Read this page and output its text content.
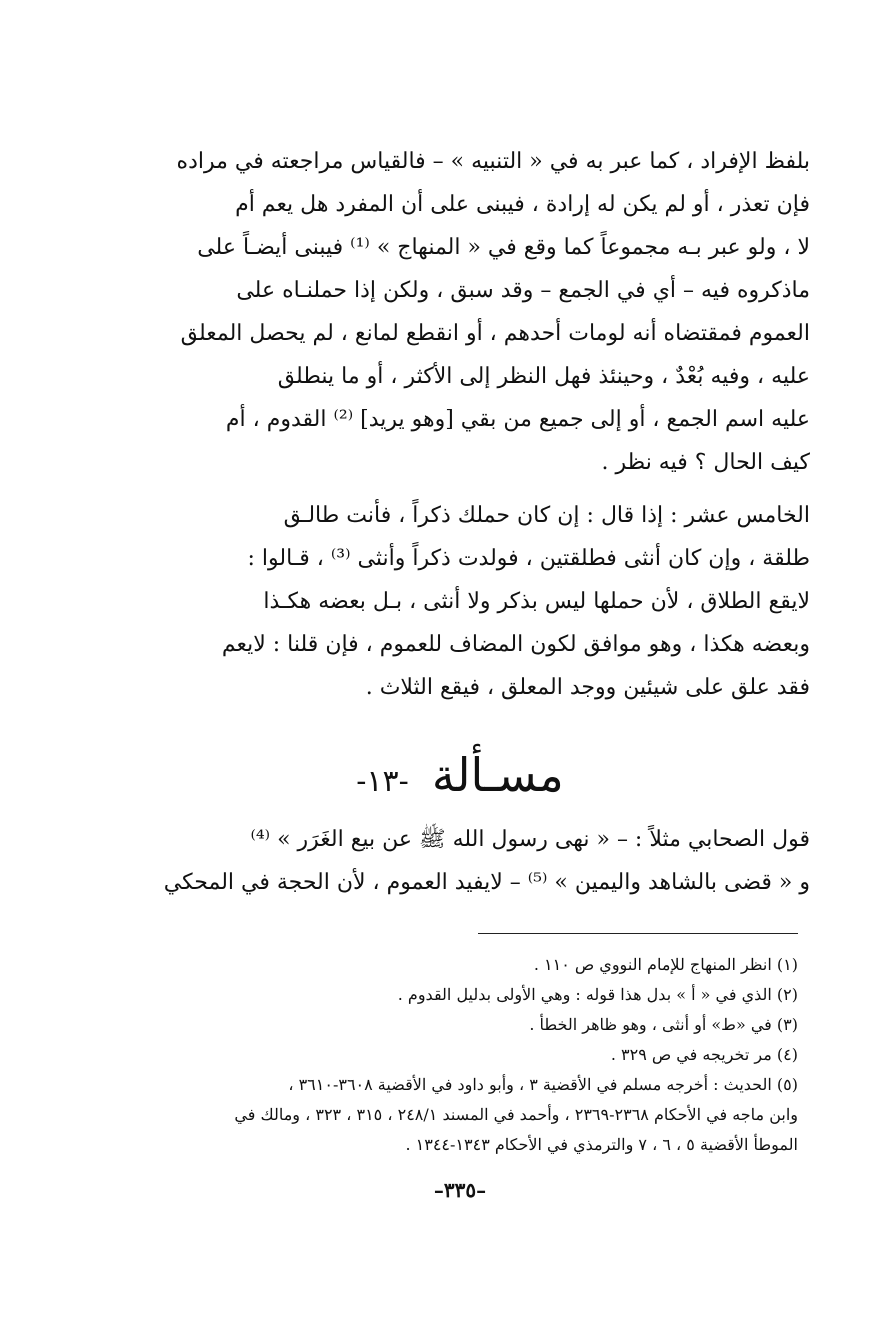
بلفظ الإفراد ، كما عبر به في « التنبيه » – فالقياس مراجعته في مراده
فإن تعذر ، أو لم يكن له إرادة ، فيبنى على أن المفرد هل يعم أم
لا ، ولو عبر بـه مجموعاً كما وقع في « المنهاج » ⁽¹⁾ فيبنى أيضـاً على
ماذكروه فيه – أي في الجمع – وقد سبق ، ولكن إذا حملنـاه على
العموم فمقتضاه أنه لومات أحدهم ، أو انقطع لمانع ، لم يحصل المعلق
عليه ، وفيه بُعْدٌ ، وحينئذ فهل النظر إلى الأكثر ، أو ما ينطلق
عليه اسم الجمع ، أو إلى جميع من بقي [وهو يريد] ⁽²⁾ القدوم ، أم
كيف الحال ؟ فيه نظر .
الخامس عشر : إذا قال : إن كان حملك ذكراً ، فأنت طالـق
طلقة ، وإن كان أنثى فطلقتين ، فولدت ذكراً وأنثى ⁽³⁾ ، قـالوا :
لايقع الطلاق ، لأن حملها ليس بذكر ولا أنثى ، بـل بعضه هكـذا
وبعضه هكذا ، وهو موافق لكون المضاف للعموم ، فإن قلنا : لايعم
فقد علق على شيئين ووجد المعلق ، فيقع الثلاث .
مسـألة -١٣-
قول الصحابي مثلاً : – « نهى رسول الله ﷺ عن بيع الغَرَر » ⁽⁴⁾
و « قضى بالشاهد واليمين » ⁽⁵⁾ – لايفيد العموم ، لأن الحجة في المحكي
(١) انظر المنهاج للإمام النووي ص ١١٠ .
(٢) الذي في « أ » بدل هذا قوله : وهي الأولى بدليل القدوم .
(٣) في «ط» أو أنثى ، وهو ظاهر الخطأ .
(٤) مر تخريجه في ص ٣٢٩ .
(٥) الحديث : أخرجه مسلم في الأقضية ٣ ، وأبو داود في الأقضية ٣٦٠٨-٣٦١٠ ،
وابن ماجه في الأحكام ٢٣٦٨-٢٣٦٩ ، وأحمد في المسند ٢٤٨/١ ، ٣١٥ ، ٣٢٣ ، ومالك في
الموطأ الأقضية ٥ ، ٦ ، ٧ والترمذي في الأحكام ١٣٤٣-١٣٤٤ .
–٣٣٥–
